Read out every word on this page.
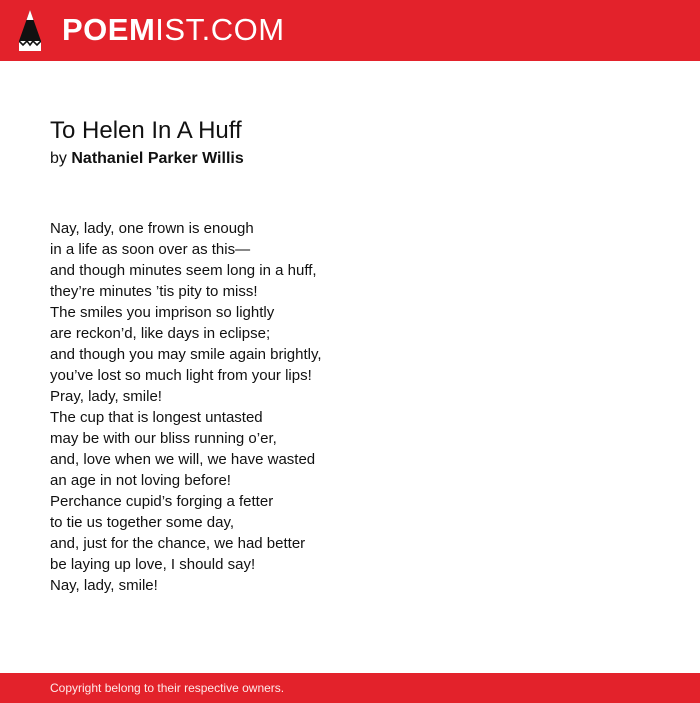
POEMIST.COM
To Helen In A Huff
by Nathaniel Parker Willis
Nay, lady, one frown is enough
in a life as soon over as this—
and though minutes seem long in a huff,
they’re minutes ’tis pity to miss!
The smiles you imprison so lightly
are reckon’d, like days in eclipse;
and though you may smile again brightly,
you’ve lost so much light from your lips!
Pray, lady, smile!
The cup that is longest untasted
may be with our bliss running o’er,
and, love when we will, we have wasted
an age in not loving before!
Perchance cupid’s forging a fetter
to tie us together some day,
and, just for the chance, we had better
be laying up love, I should say!
Nay, lady, smile!
Copyright belong to their respective owners.
